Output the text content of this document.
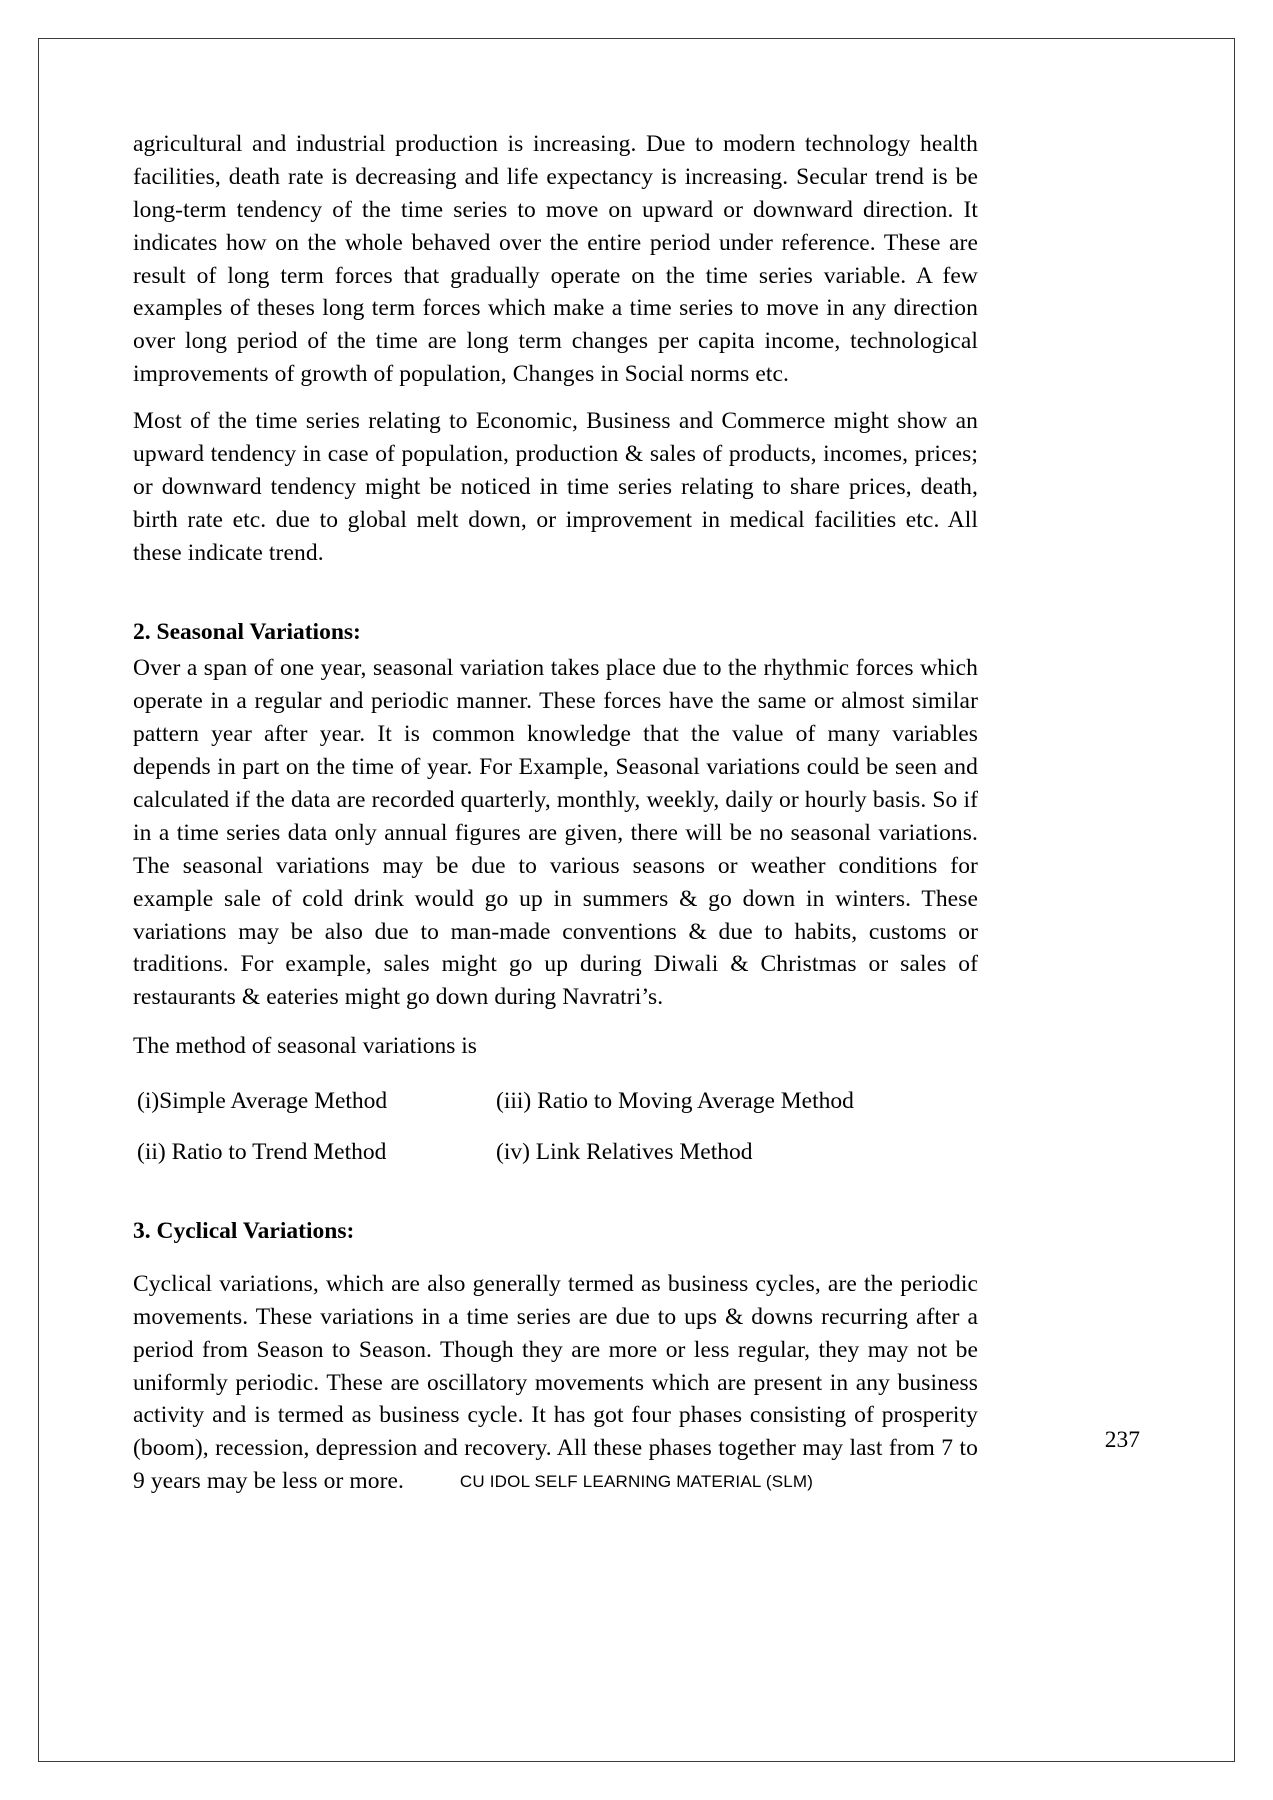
agricultural and industrial production is increasing. Due to modern technology health facilities, death rate is decreasing and life expectancy is increasing. Secular trend is be long-term tendency of the time series to move on upward or downward direction. It indicates how on the whole behaved over the entire period under reference. These are result of long term forces that gradually operate on the time series variable. A few examples of theses long term forces which make a time series to move in any direction over long period of the time are long term changes per capita income, technological improvements of growth of population, Changes in Social norms etc.

Most of the time series relating to Economic, Business and Commerce might show an upward tendency in case of population, production & sales of products, incomes, prices; or downward tendency might be noticed in time series relating to share prices, death, birth rate etc. due to global melt down, or improvement in medical facilities etc. All these indicate trend.

2. Seasonal Variations:

Over a span of one year, seasonal variation takes place due to the rhythmic forces which operate in a regular and periodic manner. These forces have the same or almost similar pattern year after year. It is common knowledge that the value of many variables depends in part on the time of year. For Example, Seasonal variations could be seen and calculated if the data are recorded quarterly, monthly, weekly, daily or hourly basis. So if in a time series data only annual figures are given, there will be no seasonal variations. The seasonal variations may be due to various seasons or weather conditions for example sale of cold drink would go up in summers & go down in winters. These variations may be also due to man-made conventions & due to habits, customs or traditions. For example, sales might go up during Diwali & Christmas or sales of restaurants & eateries might go down during Navratri’s.

The method of seasonal variations is

(i)Simple Average Method	(iii) Ratio to Moving Average Method
(ii) Ratio to Trend Method	(iv) Link Relatives Method
3. Cyclical Variations:

Cyclical variations, which are also generally termed as business cycles, are the periodic movements. These variations in a time series are due to ups & downs recurring after a period from Season to Season. Though they are more or less regular, they may not be uniformly periodic. These are oscillatory movements which are present in any business activity and is termed as business cycle. It has got four phases consisting of prosperity (boom), recession, depression and recovery. All these phases together may last from 7 to 9 years may be less or more.

237
CU IDOL SELF LEARNING MATERIAL (SLM)
